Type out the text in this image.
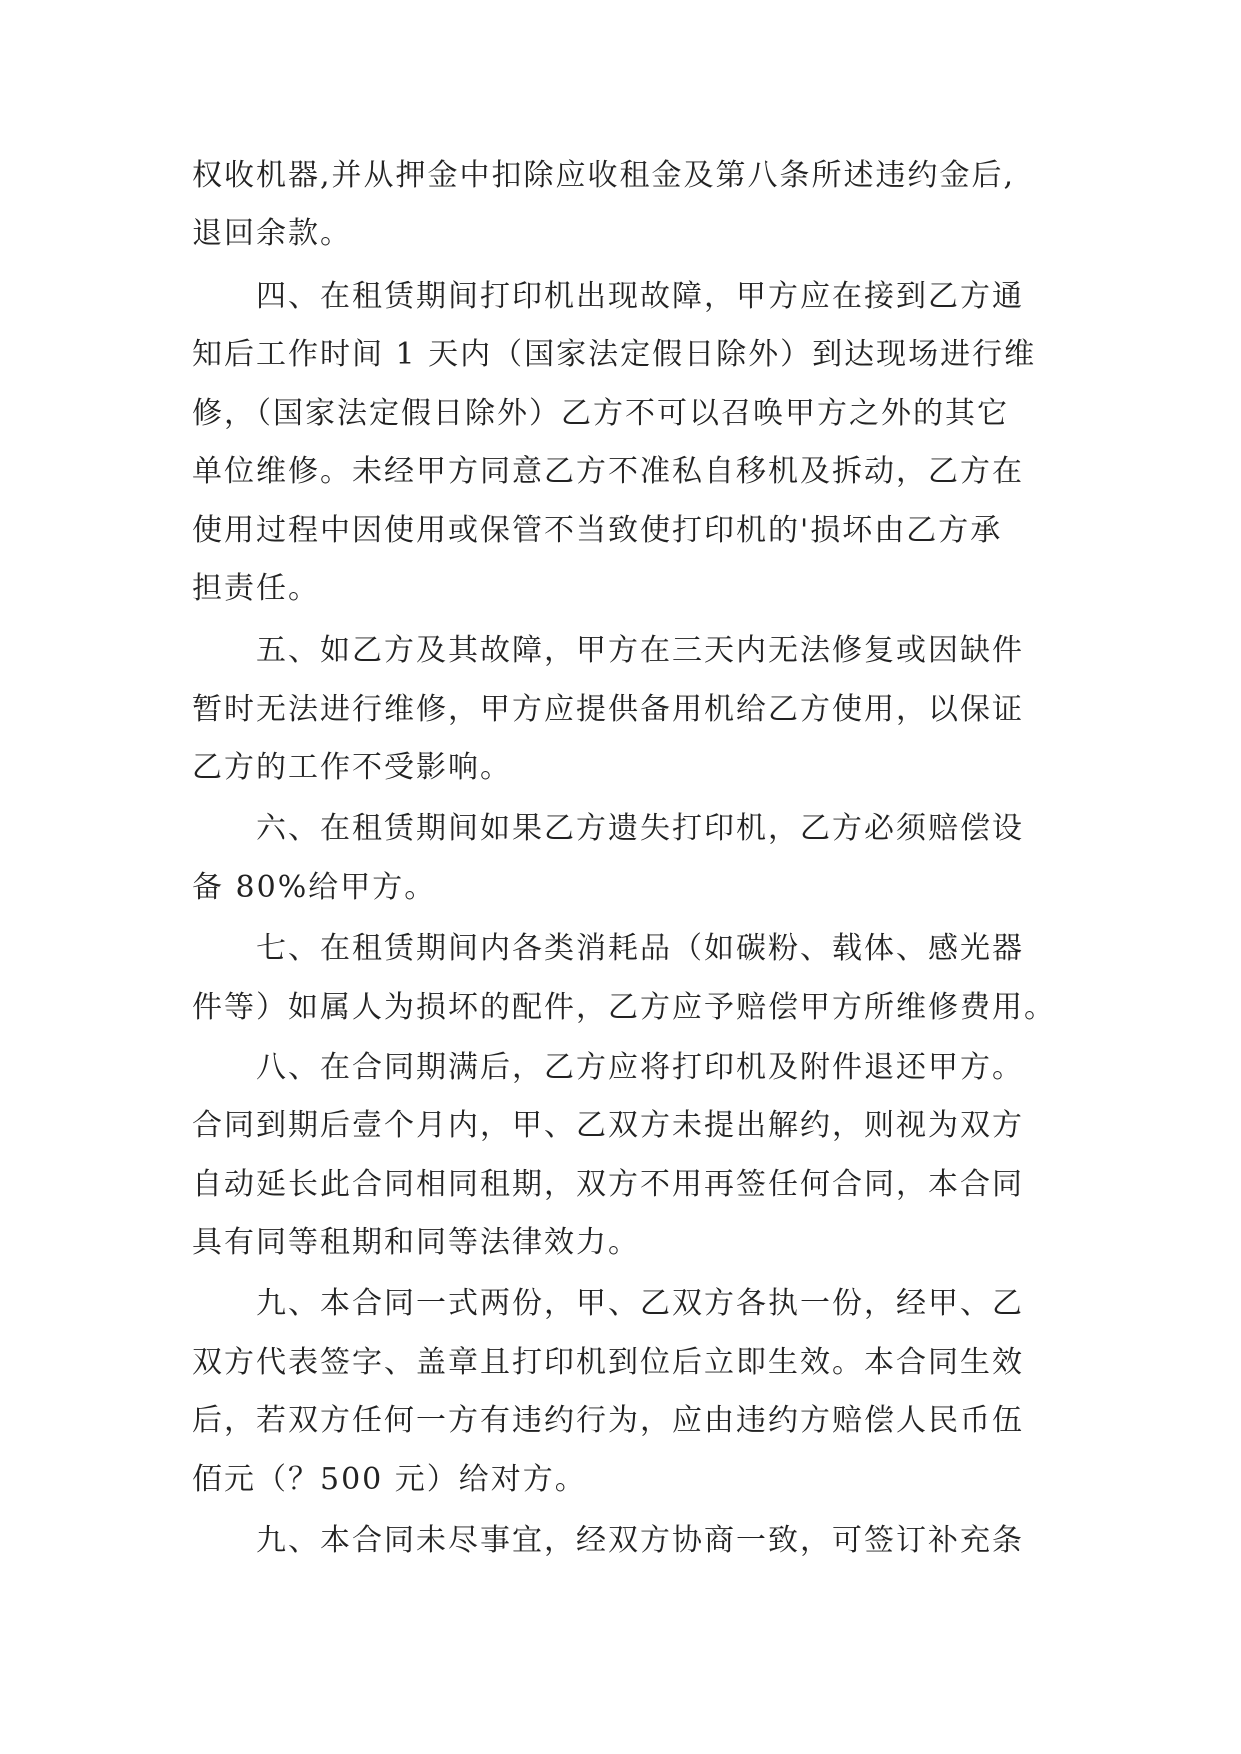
权收机器,并从押金中扣除应收租金及第八条所述违约金后,

退回余款。

四、在租赁期间打印机出现故障，甲方应在接到乙方通

知后工作时间 1 天内（国家法定假日除外）到达现场进行维

修，（国家法定假日除外）乙方不可以召唤甲方之外的其它

单位维修。未经甲方同意乙方不准私自移机及拆动，乙方在

使用过程中因使用或保管不当致使打印机的'损坏由乙方承

担责任。

五、如乙方及其故障，甲方在三天内无法修复或因缺件

暂时无法进行维修，甲方应提供备用机给乙方使用，以保证

乙方的工作不受影响。

六、在租赁期间如果乙方遗失打印机，乙方必须赔偿设

备 80%给甲方。

七、在租赁期间内各类消耗品（如碳粉、载体、感光器

件等）如属人为损坏的配件，乙方应予赔偿甲方所维修费用。

八、在合同期满后，乙方应将打印机及附件退还甲方。

合同到期后壹个月内，甲、乙双方未提出解约，则视为双方

自动延长此合同相同租期，双方不用再签任何合同，本合同

具有同等租期和同等法律效力。

九、本合同一式两份，甲、乙双方各执一份，经甲、乙

双方代表签字、盖章且打印机到位后立即生效。本合同生效

后，若双方任何一方有违约行为，应由违约方赔偿人民币伍

佰元（？500 元）给对方。

九、本合同未尽事宜，经双方协商一致，可签订补充条
